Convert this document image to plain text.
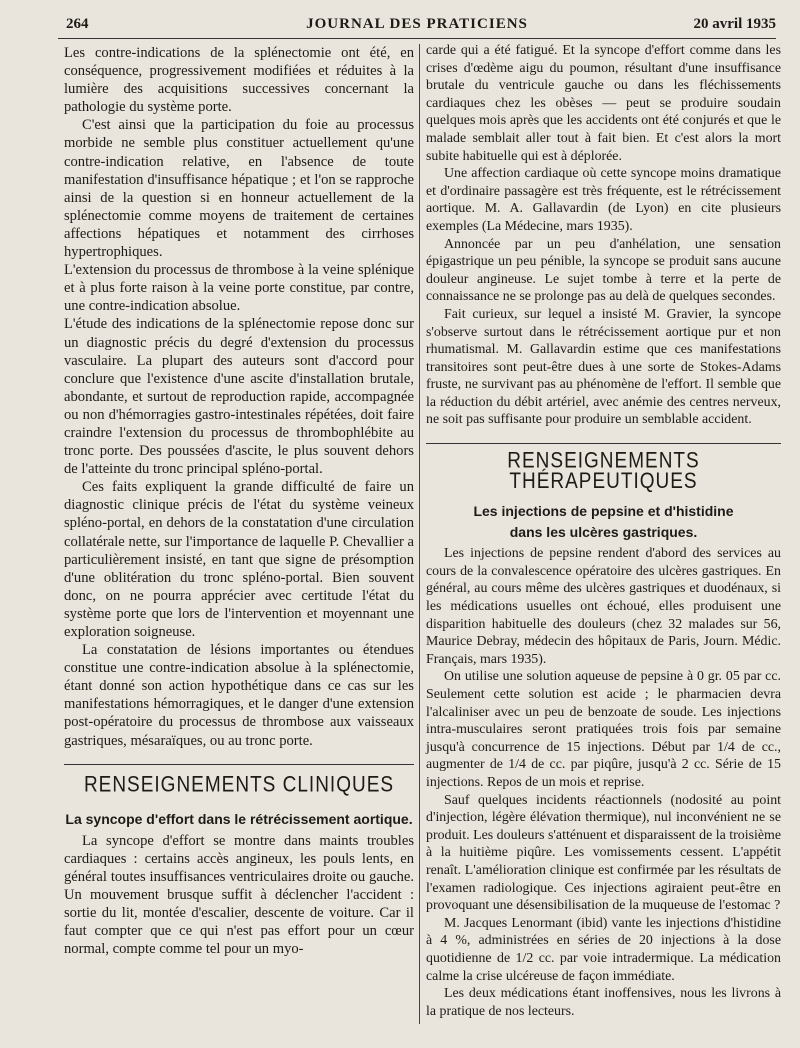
264	JOURNAL DES PRATICIENS	20 avril 1935

Les contre-indications de la splénectomie ont été, en conséquence, progressivement modifiées et réduites à la lumière des acquisitions successives concernant la pathologie du système porte.

C'est ainsi que la participation du foie au processus morbide ne semble plus constituer actuellement qu'une contre-indication relative, en l'absence de toute manifestation d'insuffisance hépatique ; et l'on se rapproche ainsi de la question si en honneur actuellement de la splénectomie comme moyens de traitement de certaines affections hépatiques et notamment des cirrhoses hypertrophiques.

L'extension du processus de thrombose à la veine splénique et à plus forte raison à la veine porte constitue, par contre, une contre-indication absolue.

L'étude des indications de la splénectomie repose donc sur un diagnostic précis du degré d'extension du processus vasculaire. La plupart des auteurs sont d'accord pour conclure que l'existence d'une ascite d'installation brutale, abondante, et surtout de reproduction rapide, accompagnée ou non d'hémorragies gastro-intestinales répétées, doit faire craindre l'extension du processus de thrombophlébite au tronc porte. Des poussées d'ascite, le plus souvent dehors de l'atteinte du tronc principal spléno-portal.

Ces faits expliquent la grande difficulté de faire un diagnostic clinique précis de l'état du système veineux spléno-portal, en dehors de la constatation d'une circulation collatérale nette, sur l'importance de laquelle P. Chevallier a particulièrement insisté, en tant que signe de présomption d'une oblitération du tronc spléno-portal. Bien souvent donc, on ne pourra apprécier avec certitude l'état du système porte que lors de l'intervention et moyennant une exploration soigneuse.

La constatation de lésions importantes ou étendues constitue une contre-indication absolue à la splénectomie, étant donné son action hypothétique dans ce cas sur les manifestations hémorragiques, et le danger d'une extension post-opératoire du processus de thrombose aux vaisseaux gastriques, mésaraïques, ou au tronc porte.

RENSEIGNEMENTS CLINIQUES
La syncope d'effort dans le rétrécissement aortique.

La syncope d'effort se montre dans maints troubles cardiaques : certains accès angineux, les pouls lents, en général toutes insuffisances ventriculaires droite ou gauche. Un mouvement brusque suffit à déclencher l'accident : sortie du lit, montée d'escalier, descente de voiture. Car il faut compter que ce qui n'est pas effort pour un cœur normal, compte comme tel pour un myo-

carde qui a été fatigué. Et la syncope d'effort comme dans les crises d'œdème aigu du poumon, résultant d'une insuffisance brutale du ventricule gauche ou dans les fléchissements cardiaques chez les obèses — peut se produire soudain quelques mois après que les accidents ont été conjurés et que le malade semblait aller tout à fait bien. Et c'est alors la mort subite habituelle qui est à déplorée.

Une affection cardiaque où cette syncope moins dramatique et d'ordinaire passagère est très fréquente, est le rétrécissement aortique. M. A. Gallavardin (de Lyon) en cite plusieurs exemples (La Médecine, mars 1935).

Annoncée par un peu d'anhélation, une sensation épigastrique un peu pénible, la syncope se produit sans aucune douleur angineuse. Le sujet tombe à terre et la perte de connaissance ne se prolonge pas au delà de quelques secondes.

Fait curieux, sur lequel a insisté M. Gravier, la syncope s'observe surtout dans le rétrécissement aortique pur et non rhumatismal. M. Gallavardin estime que ces manifestations transitoires sont peut-être dues à une sorte de Stokes-Adams fruste, ne survivant pas au phénomène de l'effort. Il semble que la réduction du débit artériel, avec anémie des centres nerveux, ne soit pas suffisante pour produire un semblable accident.

RENSEIGNEMENTS THÉRAPEUTIQUES
Les injections de pepsine et d'histidine
dans les ulcères gastriques.

Les injections de pepsine rendent d'abord des services au cours de la convalescence opératoire des ulcères gastriques. En général, au cours même des ulcères gastriques et duodénaux, si les médications usuelles ont échoué, elles produisent une disparition habituelle des douleurs (chez 32 malades sur 56, Maurice Debray, médecin des hôpitaux de Paris, Journ. Médic. Français, mars 1935).

On utilise une solution aqueuse de pepsine à 0 gr. 05 par cc. Seulement cette solution est acide ; le pharmacien devra l'alcaliniser avec un peu de benzoate de soude. Les injections intra-musculaires seront pratiquées trois fois par semaine jusqu'à concurrence de 15 injections. Début par 1/4 de cc., augmenter de 1/4 de cc. par piqûre, jusqu'à 2 cc. Série de 15 injections. Repos de un mois et reprise.

Sauf quelques incidents réactionnels (nodosité au point d'injection, légère élévation thermique), nul inconvénient ne se produit. Les douleurs s'atténuent et disparaissent de la troisième à la huitième piqûre. Les vomissements cessent. L'appétit renaît. L'amélioration clinique est confirmée par les résultats de l'examen radiologique. Ces injections agiraient peut-être en provoquant une désensibilisation de la muqueuse de l'estomac ?

M. Jacques Lenormant (ibid) vante les injections d'histidine à 4 %, administrées en séries de 20 injections à la dose quotidienne de 1/2 cc. par voie intradermique. La médication calme la crise ulcéreuse de façon immédiate.

Les deux médications étant inoffensives, nous les livrons à la pratique de nos lecteurs.
